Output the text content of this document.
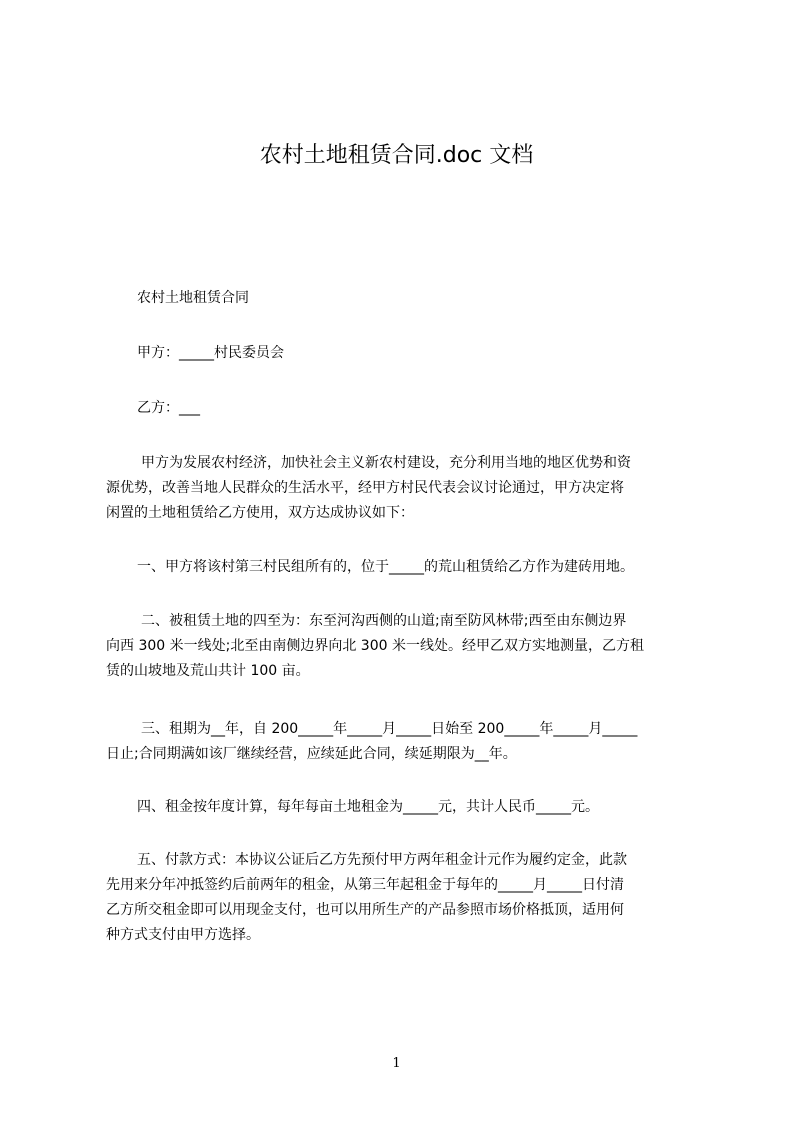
农村土地租赁合同.doc 文档
农村土地租赁合同
甲方：_____村民委员会
乙方：___
甲方为发展农村经济，加快社会主义新农村建设，充分利用当地的地区优势和资
源优势，改善当地人民群众的生活水平，经甲方村民代表会议讨论通过，甲方决定将
闲置的土地租赁给乙方使用，双方达成协议如下：
一、甲方将该村第三村民组所有的，位于_____的荒山租赁给乙方作为建砖用地。
二、被租赁土地的四至为：东至河沟西侧的山道;南至防风林带;西至由东侧边界
向西 300 米一线处;北至由南侧边界向北 300 米一线处。经甲乙双方实地测量，乙方租
赁的山坡地及荒山共计 100 亩。
三、租期为__年，自 200_____年_____月_____日始至 200_____年_____月_____
日止;合同期满如该厂继续经营，应续延此合同，续延期限为__年。
四、租金按年度计算，每年每亩土地租金为_____元，共计人民币_____元。
五、付款方式：本协议公证后乙方先预付甲方两年租金计元作为履约定金，此款
先用来分年冲抵签约后前两年的租金，从第三年起租金于每年的_____月_____日付清
乙方所交租金即可以用现金支付，也可以用所生产的产品参照市场价格抵顶，适用何
种方式支付由甲方选择。
1
